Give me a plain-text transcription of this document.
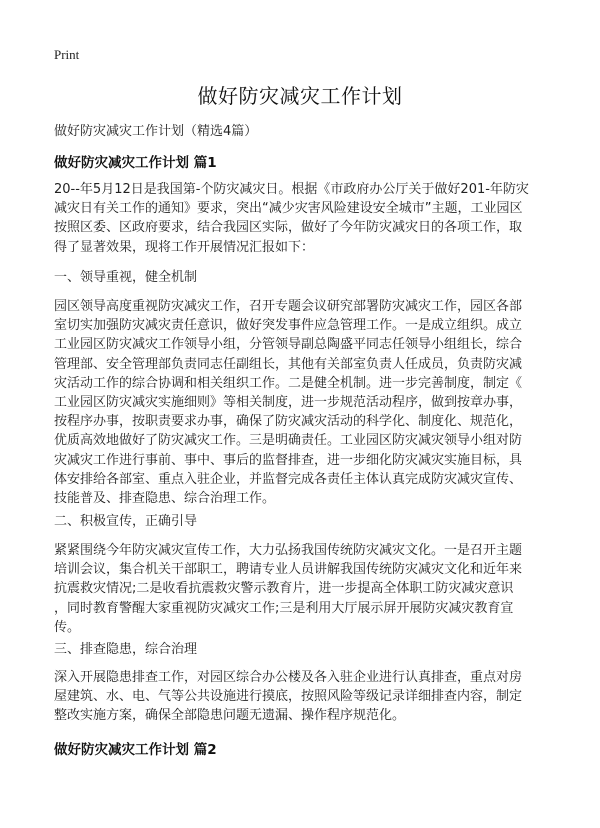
Print
做好防灾减灾工作计划

做好防灾减灾工作计划（精选4篇）

做好防灾减灾工作计划 篇1
20--年5月12日是我国第-个防灾减灾日。根据《市政府办公厅关于做好201-年防灾
减灾日有关工作的通知》要求，突出“减少灾害风险建设安全城市”主题，工业园区
按照区委、区政府要求，结合我园区实际，做好了今年防灾减灾日的各项工作，取
得了显著效果，现将工作开展情况汇报如下：

一、领导重视，健全机制

园区领导高度重视防灾减灾工作，召开专题会议研究部署防灾减灾工作，园区各部
室切实加强防灾减灾责任意识，做好突发事件应急管理工作。一是成立组织。成立
工业园区防灾减灾工作领导小组，分管领导副总陶盛平同志任领导小组组长，综合
管理部、安全管理部负责同志任副组长，其他有关部室负责人任成员，负责防灾减
灾活动工作的综合协调和相关组织工作。二是健全机制。进一步完善制度，制定《
工业园区防灾减灾实施细则》等相关制度，进一步规范活动程序，做到按章办事，
按程序办事，按职责要求办事，确保了防灾减灾活动的科学化、制度化、规范化，
优质高效地做好了防灾减灾工作。三是明确责任。工业园区防灾减灾领导小组对防
灾减灾工作进行事前、事中、事后的监督排查，进一步细化防灾减灾实施目标，具
体安排给各部室、重点入驻企业，并监督完成各责任主体认真完成防灾减灾宣传、
技能普及、排查隐患、综合治理工作。

二、积极宣传，正确引导

紧紧围绕今年防灾减灾宣传工作，大力弘扬我国传统防灾减灾文化。一是召开主题
培训会议，集合机关干部职工，聘请专业人员讲解我国传统防灾减灾文化和近年来
抗震救灾情况;二是收看抗震救灾警示教育片，进一步提高全体职工防灾减灾意识
，同时教育警醒大家重视防灾减灾工作;三是利用大厅展示屏开展防灾减灾教育宣
传。

三、排查隐患，综合治理

深入开展隐患排查工作，对园区综合办公楼及各入驻企业进行认真排查，重点对房
屋建筑、水、电、气等公共设施进行摸底，按照风险等级记录详细排查内容，制定
整改实施方案，确保全部隐患问题无遗漏、操作程序规范化。
做好防灾减灾工作计划 篇2
